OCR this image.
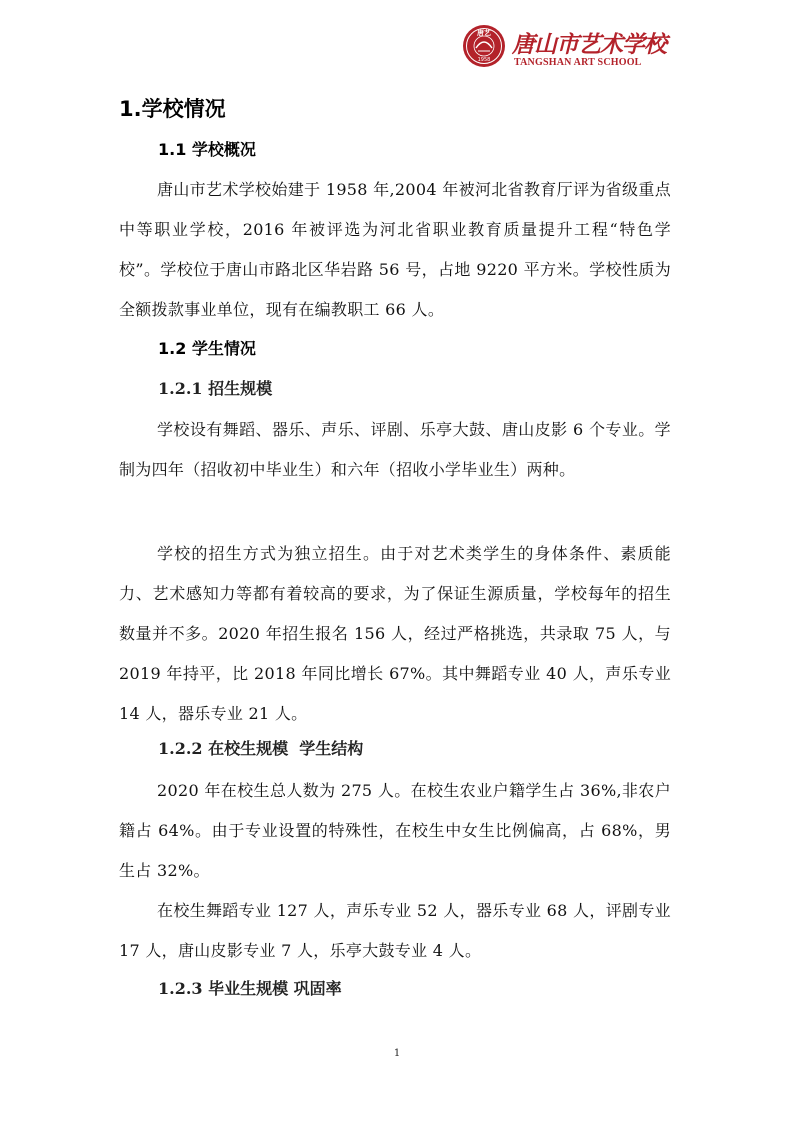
唐艺
1958
唐山市艺术学校
TANGSHAN ART SCHOOL
1.学校情况
1.1 学校概况

唐山市艺术学校始建于 1958 年,2004 年被河北省教育厅评为省级重点中等职业学校，2016 年被评选为河北省职业教育质量提升工程“特色学校”。学校位于唐山市路北区华岩路 56 号，占地 9220 平方米。学校性质为全额拨款事业单位，现有在编教职工 66 人。

1.2 学生情况
1.2.1 招生规模

学校设有舞蹈、器乐、声乐、评剧、乐亭大鼓、唐山皮影 6 个专业。学制为四年（招收初中毕业生）和六年（招收小学毕业生）两种。

学校的招生方式为独立招生。由于对艺术类学生的身体条件、素质能力、艺术感知力等都有着较高的要求，为了保证生源质量，学校每年的招生数量并不多。2020 年招生报名 156 人，经过严格挑选，共录取 75 人，与 2019 年持平，比 2018 年同比增长 67%。其中舞蹈专业 40 人，声乐专业 14 人，器乐专业 21 人。

1.2.2 在校生规模  学生结构

2020 年在校生总人数为 275 人。在校生农业户籍学生占 36%,非农户籍占 64%。由于专业设置的特殊性，在校生中女生比例偏高，占 68%，男生占 32%。

在校生舞蹈专业 127 人，声乐专业 52 人，器乐专业 68 人，评剧专业 17 人，唐山皮影专业 7 人，乐亭大鼓专业 4 人。

1.2.3 毕业生规模 巩固率
1
